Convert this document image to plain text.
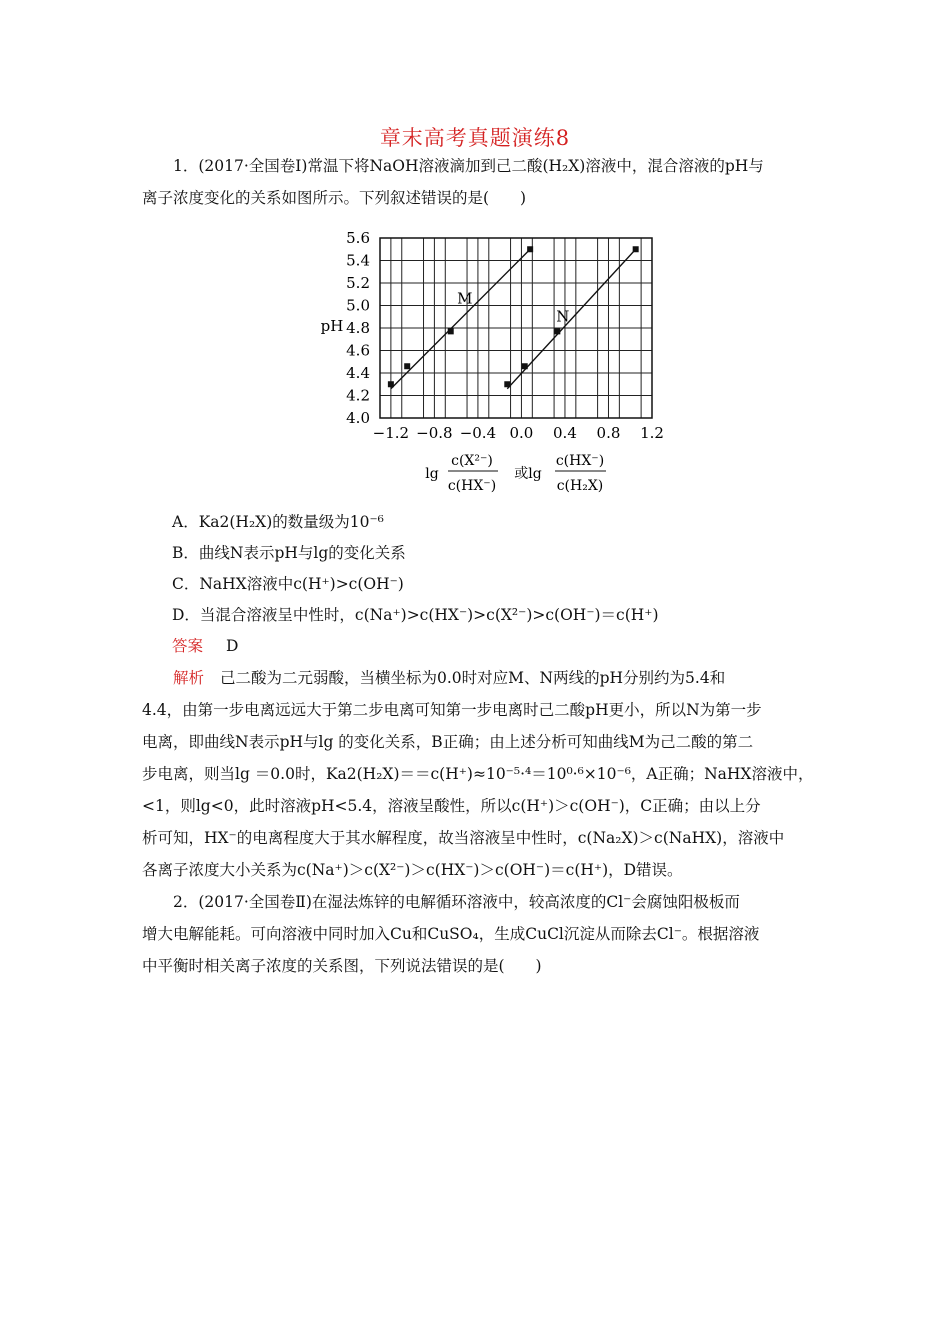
章末高考真题演练8
1．(2017·全国卷Ⅰ)常温下将NaOH溶液滴加到己二酸(H₂X)溶液中，混合溶液的pH与
离子浓度变化的关系如图所示。下列叙述错误的是(　　)
4.0
4.2
4.4
4.6
4.8
5.0
5.2
5.4
5.6
−1.2 −0.8 −0.4 0.0 0.4 0.8 1.2
M
N
pH
lg
c(X²⁻)
c(HX⁻)
或lg
c(HX⁻)
c(H₂X)
A．Ka2(H₂X)的数量级为10⁻⁶
B．曲线N表示pH与lg的变化关系
C．NaHX溶液中c(H⁺)>c(OH⁻)
D．当混合溶液呈中性时，c(Na⁺)>c(HX⁻)>c(X²⁻)>c(OH⁻)＝c(H⁺)
答案 D
解析 己二酸为二元弱酸，当横坐标为0.0时对应M、N两线的pH分别约为5.4和
4.4，由第一步电离远远大于第二步电离可知第一步电离时己二酸pH更小，所以N为第一步
电离，即曲线N表示pH与lg 的变化关系，B正确；由上述分析可知曲线M为己二酸的第二
步电离，则当lg ＝0.0时，Ka2(H₂X)＝＝c(H⁺)≈10⁻⁵·⁴＝10⁰·⁶×10⁻⁶，A正确；NaHX溶液中，
<1，则lg<0，此时溶液pH<5.4，溶液呈酸性，所以c(H⁺)＞c(OH⁻)，C正确；由以上分
析可知，HX⁻的电离程度大于其水解程度，故当溶液呈中性时，c(Na₂X)＞c(NaHX)，溶液中
各离子浓度大小关系为c(Na⁺)＞c(X²⁻)＞c(HX⁻)＞c(OH⁻)＝c(H⁺)，D错误。
2．(2017·全国卷Ⅱ)在湿法炼锌的电解循环溶液中，较高浓度的Cl⁻会腐蚀阳极板而
增大电解能耗。可向溶液中同时加入Cu和CuSO₄，生成CuCl沉淀从而除去Cl⁻。根据溶液
中平衡时相关离子浓度的关系图，下列说法错误的是(　　)
